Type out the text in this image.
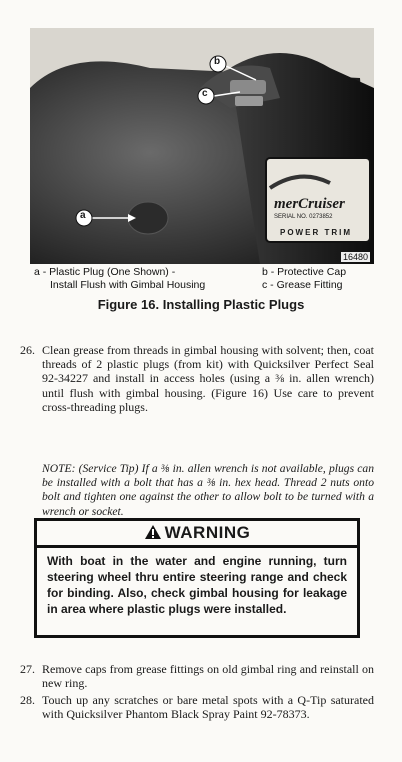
a
b
c
merCruiser
SERIAL NO. 0273852
POWER TRIM
16480
a - Plastic Plug (One Shown) -
Install Flush with Gimbal Housing
b - Protective Cap
c - Grease Fitting
Figure 16. Installing Plastic Plugs
26. Clean grease from threads in gimbal housing with solvent; then, coat threads of 2 plastic plugs (from kit) with Quicksilver Perfect Seal 92-34227 and install in access holes (using a ⅜ in. allen wrench) until flush with gimbal housing. (Figure 16) Use care to prevent cross-threading plugs.
NOTE: (Service Tip) If a ⅜ in. allen wrench is not available, plugs can be installed with a bolt that has a ⅜ in. hex head. Thread 2 nuts onto bolt and tighten one against the other to allow bolt to be turned with a wrench or socket.
WARNING
With boat in the water and engine running, turn steering wheel thru entire steering range and check for binding. Also, check gimbal housing for leakage in area where plastic plugs were installed.
27. Remove caps from grease fittings on old gimbal ring and reinstall on new ring.
28. Touch up any scratches or bare metal spots with a Q-Tip saturated with Quicksilver Phantom Black Spray Paint 92-78373.
